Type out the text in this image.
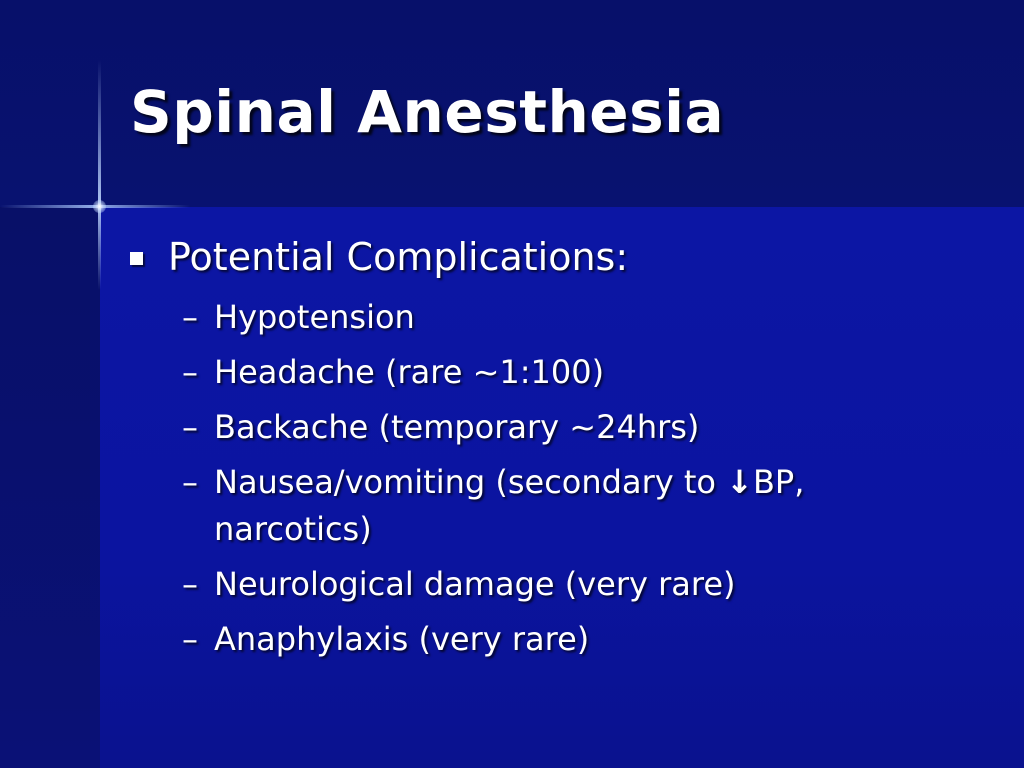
Spinal Anesthesia
Potential Complications:
– Hypotension
– Headache (rare ~1:100)
– Backache (temporary ~24hrs)
– Nausea/vomiting (secondary to ↓BP, narcotics)
– Neurological damage (very rare)
– Anaphylaxis (very rare)
